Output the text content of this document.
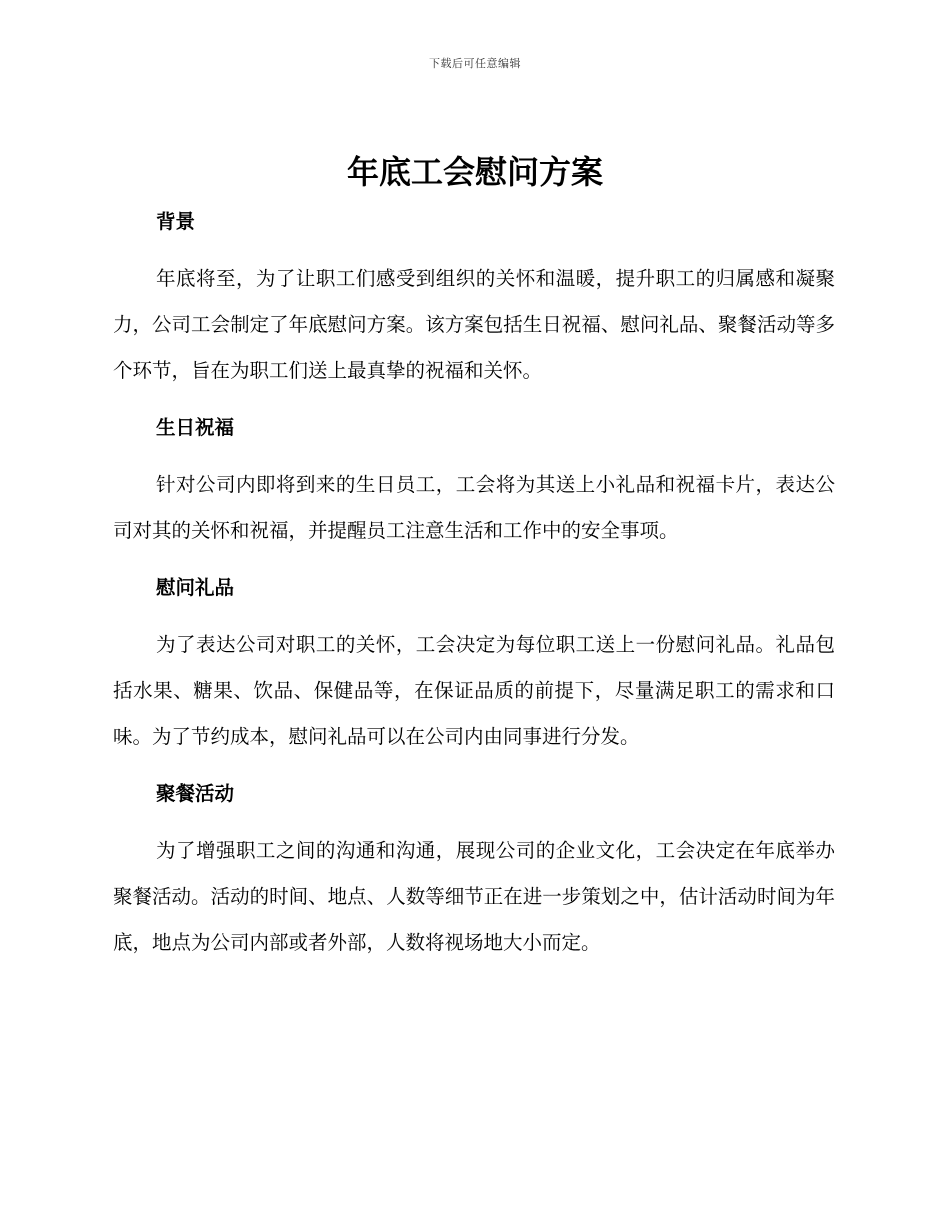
下载后可任意编辑
年底工会慰问方案
背景

年底将至，为了让职工们感受到组织的关怀和温暖，提升职工的归属感和凝聚力，公司工会制定了年底慰问方案。该方案包括生日祝福、慰问礼品、聚餐活动等多个环节，旨在为职工们送上最真挚的祝福和关怀。

生日祝福

针对公司内即将到来的生日员工，工会将为其送上小礼品和祝福卡片，表达公司对其的关怀和祝福，并提醒员工注意生活和工作中的安全事项。

慰问礼品

为了表达公司对职工的关怀，工会决定为每位职工送上一份慰问礼品。礼品包括水果、糖果、饮品、保健品等，在保证品质的前提下，尽量满足职工的需求和口味。为了节约成本，慰问礼品可以在公司内由同事进行分发。

聚餐活动

为了增强职工之间的沟通和沟通，展现公司的企业文化，工会决定在年底举办聚餐活动。活动的时间、地点、人数等细节正在进一步策划之中，估计活动时间为年底，地点为公司内部或者外部，人数将视场地大小而定。
